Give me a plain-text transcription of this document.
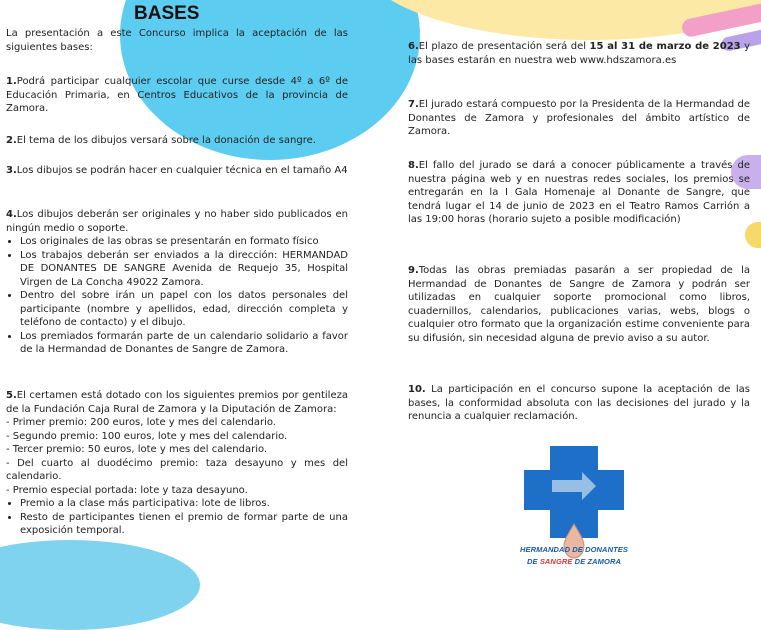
BASES

La presentación a este Concurso implica la aceptación de las siguientes bases:

1.Podrá participar cualquier escolar que curse desde 4º a 6º de Educación Primaria, en Centros Educativos de la provincia de Zamora.

2.El tema de los dibujos versará sobre la donación de sangre.

3.Los dibujos se podrán hacer en cualquier técnica en el tamaño A4

4.Los dibujos deberán ser originales y no haber sido publicados en ningún medio o soporte.

• Los originales de las obras se presentarán en formato físico
• Los trabajos deberán ser enviados a la dirección: HERMANDAD DE DONANTES DE SANGRE Avenida de Requejo 35, Hospital Virgen de La Concha 49022 Zamora.
• Dentro del sobre irán un papel con los datos personales del participante (nombre y apellidos, edad, dirección completa y teléfono de contacto) y el dibujo.
• Los premiados formarán parte de un calendario solidario a favor de la Hermandad de Donantes de Sangre de Zamora.

5.El certamen está dotado con los siguientes premios por gentileza de la Fundación Caja Rural de Zamora y la Diputación de Zamora:

- Primer premio: 200 euros, lote y mes del calendario.

- Segundo premio: 100 euros, lote y mes del calendario.

- Tercer premio: 50 euros, lote y mes del calendario.

- Del cuarto al duodécimo premio: taza desayuno y mes del calendario.

- Premio especial portada: lote y taza desayuno.

• Premio a la clase más participativa: lote de libros.
• Resto de participantes tienen el premio de formar parte de una exposición temporal.

6.El plazo de presentación será del 15 al 31 de marzo de 2023 y las bases estarán en nuestra web www.hdszamora.es

7.El jurado estará compuesto por la Presidenta de la Hermandad de Donantes de Zamora y profesionales del ámbito artístico de Zamora.

8.El fallo del jurado se dará a conocer públicamente a través de nuestra página web y en nuestras redes sociales, los premios se entregarán en la I Gala Homenaje al Donante de Sangre, que tendrá lugar el 14 de junio de 2023 en el Teatro Ramos Carrión a las 19:00 horas (horario sujeto a posible modificación)

9.Todas las obras premiadas pasarán a ser propiedad de la Hermandad de Donantes de Sangre de Zamora y podrán ser utilizadas en cualquier soporte promocional como libros, cuadernillos, calendarios, publicaciones varias, webs, blogs o cualquier otro formato que la organización estime conveniente para su difusión, sin necesidad alguna de previo aviso a su autor.

10. La participación en el concurso supone la aceptación de las bases, la conformidad absoluta con las decisiones del jurado y la renuncia a cualquier reclamación.

HERMANDAD DE DONANTES
DE SANGRE DE ZAMORA
